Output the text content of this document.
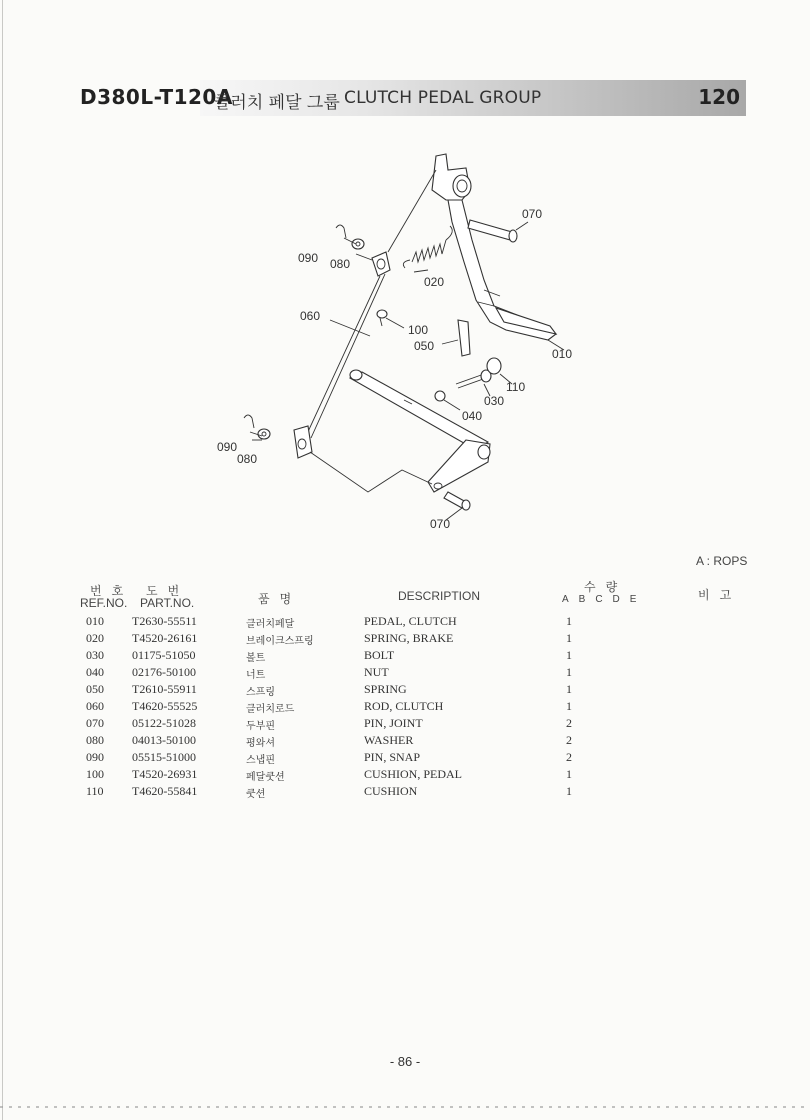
D380L-T120A
클러치 페달 그룹 CLUTCH PEDAL GROUP	120
070
090 080
020
060
100
050
010
110
030
040
090
080
070
A : ROPS
번호
REF.NO.
도번
PART.NO.	품명	DESCRIPTION
수량
ABCDE	비고
010 T2630-55511	클러치페달	PEDAL, CLUTCH	1
020 T4520-26161	브레이크스프링	SPRING, BRAKE	1
030 01175-51050	볼트	BOLT	1
040 02176-50100	너트	NUT	1
050 T2610-55911	스프링	SPRING	1
060 T4620-55525	클러치로드	ROD, CLUTCH	1
070 05122-51028	두부핀	PIN, JOINT	2
080 04013-50100	평와셔	WASHER	2
090 05515-51000	스냅핀	PIN, SNAP	2
100 T4520-26931	페달쿳션	CUSHION, PEDAL	1
110 T4620-55841	쿳션	CUSHION	1
- 86 -
